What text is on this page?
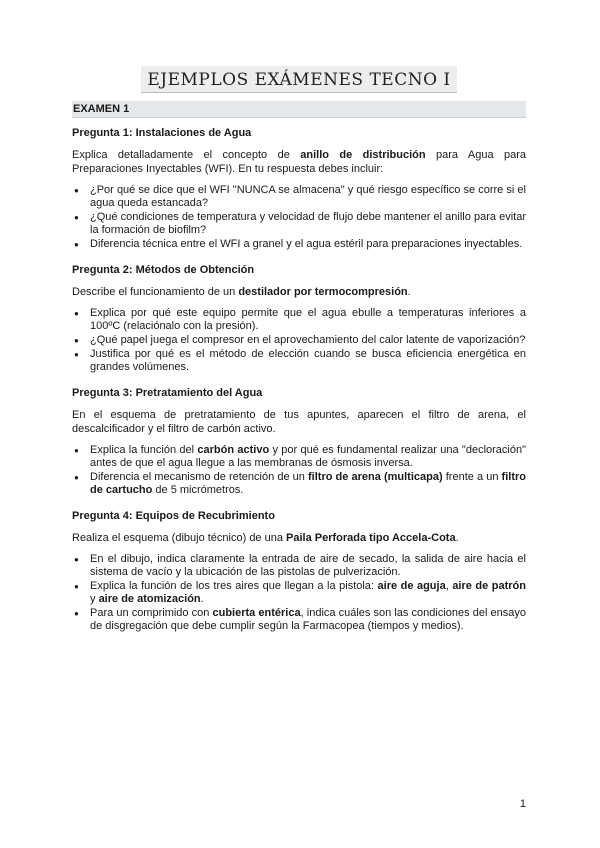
EJEMPLOS EXÁMENES TECNO I
EXAMEN 1
Pregunta 1: Instalaciones de Agua
Explica detalladamente el concepto de anillo de distribución para Agua para Preparaciones Inyectables (WFI). En tu respuesta debes incluir:
● ¿Por qué se dice que el WFI "NUNCA se almacena" y qué riesgo específico se corre si el agua queda estancada?
● ¿Qué condiciones de temperatura y velocidad de flujo debe mantener el anillo para evitar la formación de biofilm?
● Diferencia técnica entre el WFI a granel y el agua estéril para preparaciones inyectables.
Pregunta 2: Métodos de Obtención
Describe el funcionamiento de un destilador por termocompresión.
● Explica por qué este equipo permite que el agua ebulle a temperaturas inferiores a 100ºC (relaciónalo con la presión).
● ¿Qué papel juega el compresor en el aprovechamiento del calor latente de vaporización?
● Justifica por qué es el método de elección cuando se busca eficiencia energética en grandes volúmenes.
Pregunta 3: Pretratamiento del Agua
En el esquema de pretratamiento de tus apuntes, aparecen el filtro de arena, el descalcificador y el filtro de carbón activo.
● Explica la función del carbón activo y por qué es fundamental realizar una "decloración" antes de que el agua llegue a las membranas de ósmosis inversa.
● Diferencia el mecanismo de retención de un filtro de arena (multicapa) frente a un filtro de cartucho de 5 micrómetros.
Pregunta 4: Equipos de Recubrimiento
Realiza el esquema (dibujo técnico) de una Paila Perforada tipo Accela-Cota.
● En el dibujo, indica claramente la entrada de aire de secado, la salida de aire hacia el sistema de vacío y la ubicación de las pistolas de pulverización.
● Explica la función de los tres aires que llegan a la pistola: aire de aguja, aire de patrón y aire de atomización.
● Para un comprimido con cubierta entérica, indica cuáles son las condiciones del ensayo de disgregación que debe cumplir según la Farmacopea (tiempos y medios).
1
